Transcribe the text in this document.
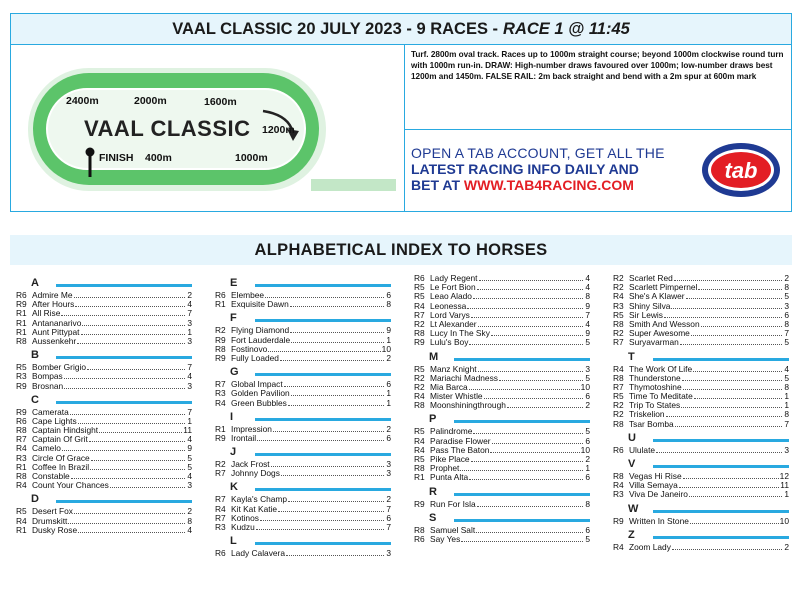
VAAL CLASSIC 20 JULY 2023 - 9 RACES - RACE 1 @ 11:45
2400m	2000m	1600m
1200m
VAAL CLASSIC
FINISH 400m	1000m
Turf. 2800m oval track. Races up to 1000m straight course; beyond 1000m clockwise round turn with 1000m run-in. DRAW: High-number draws favoured over 1000m; low-number draws best 1200m and 1450m. FALSE RAIL: 2m back straight and bend with a 2m spur at 600m mark
OPEN A TAB ACCOUNT, GET ALL THE
LATEST RACING INFO DAILY AND
BET AT WWW.TAB4RACING.COM
tab
ALPHABETICAL INDEX TO HORSES
A
R6 Admire Me	2
R9 After Hours	4
R1 All Rise	7
R1 Antananarivo	3
R1 Aunt Pittypat	1
R8 Aussenkehr	3
B
R5 Bomber Grigio	7
R3 Bompas	4
R9 Brosnan	3
C
R9 Camerata	7
R6 Cape Lights	1
R8 Captain Hindsight	11
R7 Captain Of Grit	4
R4 Camelo	9
R3 Circle Of Grace	5
R1 Coffee In Brazil	5
R8 Constable	4
R4 Count Your Chances	3
D
R5 Desert Fox	2
R4 Drumskitt	8
R1 Dusky Rose	4
E
R6 Elembee	6
R1 Exquisite Dawn	8
F
R2 Flying Diamond	9
R9 Fort Lauderdale	1
R8 Fostinovo	10
R9 Fully Loaded	2
G
R7 Global Impact	6
R3 Golden Pavilion	1
R4 Green Bubbles	1
I
R1 Impression	2
R9 Irontail	6
J
R2 Jack Frost	3
R7 Johnny Dogs	3
K
R7 Kayla's Champ	2
R4 Kit Kat Katie	7
R7 Kotinos	6
R3 Kudzu	7
L
R6 Lady Calavera	3
R6 Lady Regent	4
R5 Le Fort Bion	4
R5 Leao Alado	8
R4 Leonessa	9
R7 Lord Varys	7
R2 Lt Alexander	4
R8 Lucy In The Sky	9
R9 Lulu's Boy	5
M
R5 Manz Knight	3
R2 Mariachi Madness	5
R2 Mia Barca	10
R4 Mister Whistle	6
R8 Moonshiningthrough	2
P
R5 Palindrome	5
R4 Paradise Flower	6
R4 Pass The Baton	10
R5 Pike Place	2
R8 Prophet	1
R1 Punta Alta	6
R
R9 Run For Isla	8
S
R8 Samuel Salt	6
R6 Say Yes	5
R2 Scarlet Red	2
R2 Scarlett Pimpernel	8
R4 She's A Klawer	5
R3 Shiny Silva	3
R5 Sir Lewis	6
R8 Smith And Wesson	8
R2 Super Awesome	7
R7 Suryavarman	5
T
R4 The Work Of Life	4
R8 Thunderstone	5
R7 Thymotoshine	8
R5 Time To Meditate	1
R2 Trip To States	1
R2 Triskelion	8
R8 Tsar Bomba	7
U
R6 Ululate	3
V
R8 Vegas Hi Rise	12
R4 Villa Semaya	11
R3 Viva De Janeiro	1
W
R9 Written In Stone	10
Z
R4 Zoom Lady	2
